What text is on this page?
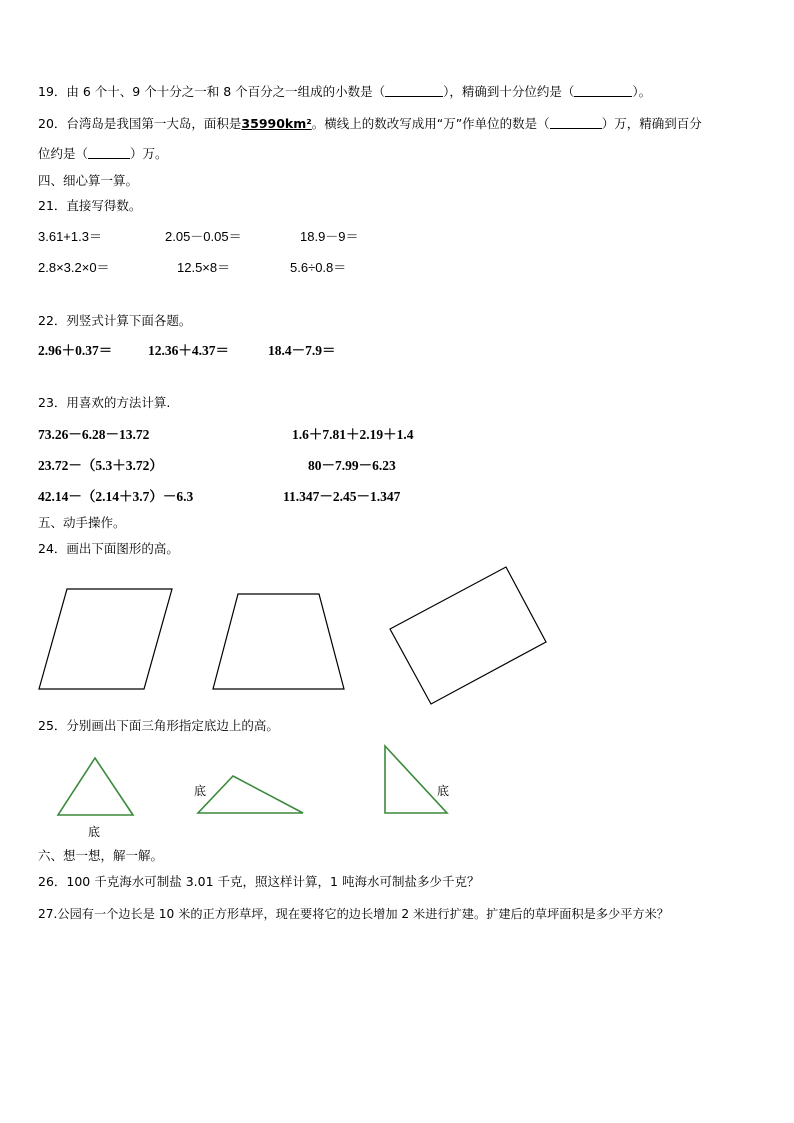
19．由 6 个十、9 个十分之一和 8 个百分之一组成的小数是（	），精确到十分位约是（	）。
20．台湾岛是我国第一大岛，面积是35990km²。横线上的数改写成用“万”作单位的数是（	）万，精确到百分
位约是（	）万。
四、细心算一算。
21．直接写得数。
3.61+1.3＝	2.05－0.05＝	18.9－9＝
2.8×3.2×0＝	12.5×8＝	5.6÷0.8＝
22．列竖式计算下面各题。
2.96＋0.37＝	12.36＋4.37＝	18.4－7.9＝
23．用喜欢的方法计算.
73.26－6.28－13.72	1.6＋7.81＋2.19＋1.4
23.72－（5.3＋3.72）	80－7.99－6.23
42.14－（2.14＋3.7）－6.3	11.347－2.45－1.347
五、动手操作。
24．画出下面图形的高。
25．分别画出下面三角形指定底边上的高。
底
底	底
六、想一想，解一解。
26．100 千克海水可制盐 3.01 千克，照这样计算，1 吨海水可制盐多少千克？
27.公园有一个边长是 10 米的正方形草坪，现在要将它的边长增加 2 米进行扩建。扩建后的草坪面积是多少平方米？
